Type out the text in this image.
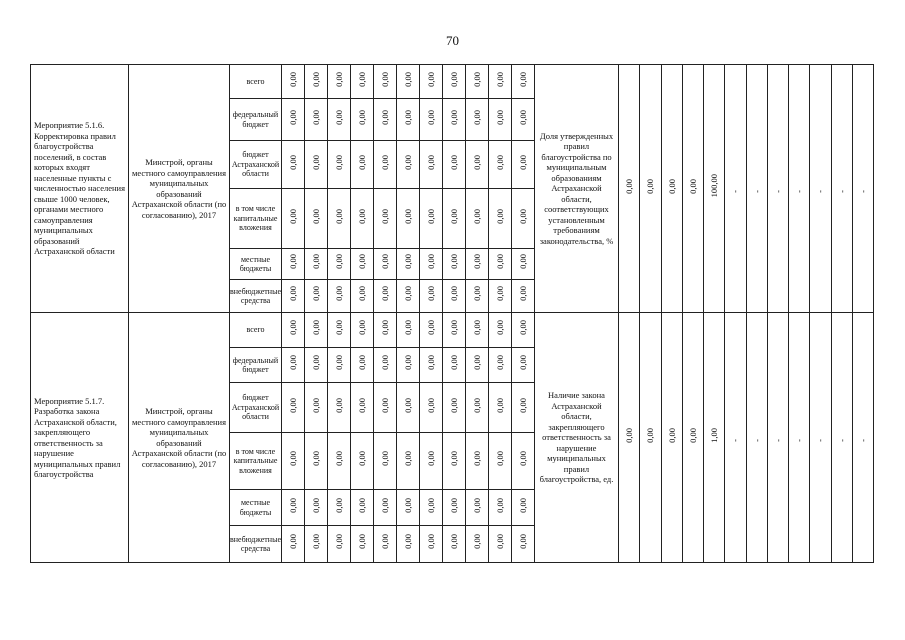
70
Мероприятие 5.1.6. Корректировка правил благоустройства поселений, в состав которых входят населенные пункты с численностью населения свыше 1000 человек, органами местного самоуправления муниципальных образований Астраханской области	Минстрой, органы местного самоуправления муниципальных образований Астраханской области (по согласованию), 2017	всего	0,00	0,00	0,00	0,00	0,00	0,00	0,00	0,00	0,00	0,00	0,00	Доля утвержденных правил благоустройства по муниципальным образованиям Астраханской области, соответствующих установленным требованиям законодательства, %	0,00	0,00	0,00	0,00	100,00	-	-	-	-	-	-	-
		федеральный бюджет	0,00	0,00	0,00	0,00	0,00	0,00	0,00	0,00	0,00	0,00	0,00													
		бюджет Астраханской области	0,00	0,00	0,00	0,00	0,00	0,00	0,00	0,00	0,00	0,00	0,00													
		в том числе капитальные вложения	0,00	0,00	0,00	0,00	0,00	0,00	0,00	0,00	0,00	0,00	0,00													
		местные бюджеты	0,00	0,00	0,00	0,00	0,00	0,00	0,00	0,00	0,00	0,00	0,00													
		внебюджетные средства	0,00	0,00	0,00	0,00	0,00	0,00	0,00	0,00	0,00	0,00	0,00													
Мероприятие 5.1.7. Разработка закона Астраханской области, закрепляющего ответственность за нарушение муниципальных правил благоустройства	Минстрой, органы местного самоуправления муниципальных образований Астраханской области (по согласованию), 2017	всего	0,00	0,00	0,00	0,00	0,00	0,00	0,00	0,00	0,00	0,00	0,00	Наличие закона Астраханской области, закрепляющего ответственность за нарушение муниципальных правил благоустройства, ед.	0,00	0,00	0,00	0,00	1,00	-	-	-	-	-	-	-
		федеральный бюджет	0,00	0,00	0,00	0,00	0,00	0,00	0,00	0,00	0,00	0,00	0,00													
		бюджет Астраханской области	0,00	0,00	0,00	0,00	0,00	0,00	0,00	0,00	0,00	0,00	0,00													
		в том числе капитальные вложения	0,00	0,00	0,00	0,00	0,00	0,00	0,00	0,00	0,00	0,00	0,00													
		местные бюджеты	0,00	0,00	0,00	0,00	0,00	0,00	0,00	0,00	0,00	0,00	0,00													
		внебюджетные средства	0,00	0,00	0,00	0,00	0,00	0,00	0,00	0,00	0,00	0,00	0,00													
